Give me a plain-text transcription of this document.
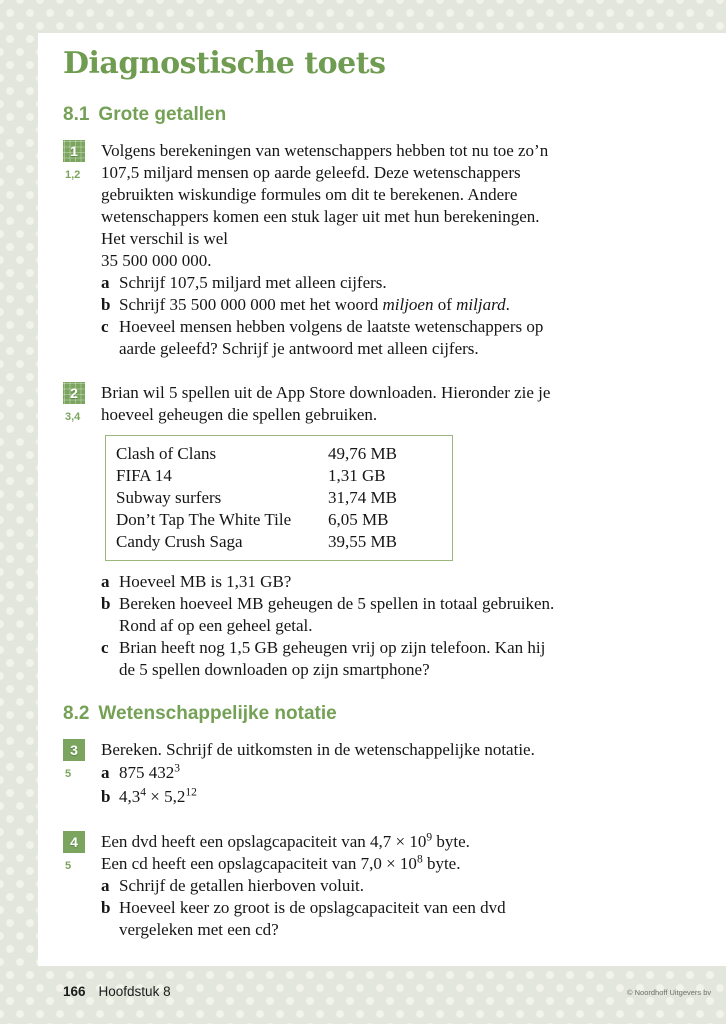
Diagnostische toets
8.1 Grote getallen
1
1,2

Volgens berekeningen van wetenschappers hebben tot nu toe zo’n 107,5 miljard mensen op aarde geleefd. Deze wetenschappers gebruikten wiskundige formules om dit te berekenen. Andere wetenschappers komen een stuk lager uit met hun berekeningen. Het verschil is wel

35 500 000 000.

a Schrijf 107,5 miljard met alleen cijfers.
b Schrijf 35 500 000 000 met het woord miljoen of miljard.
c Hoeveel mensen hebben volgens de laatste wetenschappers op aarde geleefd? Schrijf je antwoord met alleen cijfers.
2
3,4

Brian wil 5 spellen uit de App Store downloaden. Hieronder zie je hoeveel geheugen die spellen gebruiken.

Clash of Clans	49,76 MB
FIFA 14	1,31 GB
Subway surfers	31,74 MB
Don’t Tap The White Tile	6,05 MB
Candy Crush Saga	39,55 MB
a Hoeveel MB is 1,31 GB?
b Bereken hoeveel MB geheugen de 5 spellen in totaal gebruiken. Rond af op een geheel getal.
c Brian heeft nog 1,5 GB geheugen vrij op zijn telefoon. Kan hij de 5 spellen downloaden op zijn smartphone?
8.2 Wetenschappelijke notatie
3
5

Bereken. Schrijf de uitkomsten in de wetenschappelijke notatie.

a 875 $432^3$
b $4,3^4 \times 5,2^{12}$
4
5
Een dvd heeft een opslagcapaciteit van $4,7 \times 10^9$ byte.
Een cd heeft een opslagcapaciteit van $7,0 \times 10^8$ byte.
a Schrijf de getallen hierboven voluit.
b Hoeveel keer zo groot is de opslagcapaciteit van een dvd vergeleken met een cd?
166 Hoofdstuk 8	© Noordhoff Uitgevers bv
